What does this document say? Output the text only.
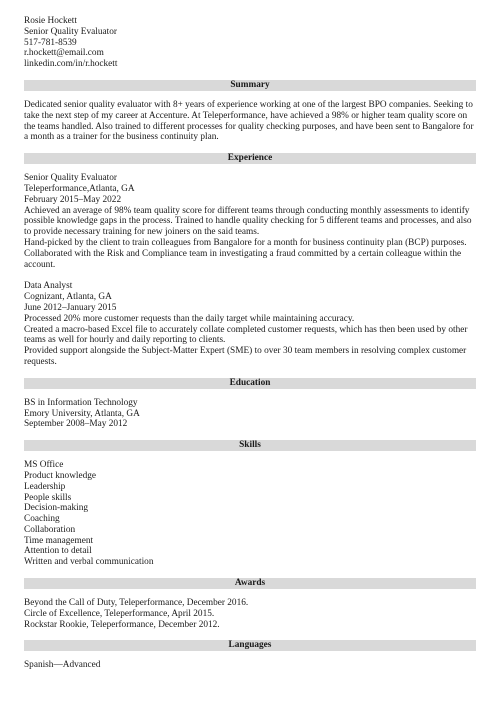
Rosie Hockett
Senior Quality Evaluator
517-781-8539
r.hockett@email.com
linkedin.com/in/r.hockett
Summary
Dedicated senior quality evaluator with 8+ years of experience working at one of the largest BPO companies. Seeking to take the next step of my career at Accenture. At Teleperformance, have achieved a 98% or higher team quality score on the teams handled. Also trained to different processes for quality checking purposes, and have been sent to Bangalore for a month as a trainer for the business continuity plan.
Experience
Senior Quality Evaluator
Teleperformance,Atlanta, GA
February 2015–May 2022
Achieved an average of 98% team quality score for different teams through conducting monthly assessments to identify possible knowledge gaps in the process. Trained to handle quality checking for 5 different teams and processes, and also to provide necessary training for new joiners on the said teams.
Hand-picked by the client to train colleagues from Bangalore for a month for business continuity plan (BCP) purposes.
Collaborated with the Risk and Compliance team in investigating a fraud committed by a certain colleague within the account.
Data Analyst
Cognizant, Atlanta, GA
June 2012–January 2015
Processed 20% more customer requests than the daily target while maintaining accuracy.
Created a macro-based Excel file to accurately collate completed customer requests, which has then been used by other teams as well for hourly and daily reporting to clients.
Provided support alongside the Subject-Matter Expert (SME) to over 30 team members in resolving complex customer requests.
Education
BS in Information Technology
Emory University, Atlanta, GA
September 2008–May 2012
Skills
MS Office
Product knowledge
Leadership
People skills
Decision-making
Coaching
Collaboration
Time management
Attention to detail
Written and verbal communication
Awards
Beyond the Call of Duty, Teleperformance, December 2016.
Circle of Excellence, Teleperformance, April 2015.
Rockstar Rookie, Teleperformance, December 2012.
Languages
Spanish—Advanced
